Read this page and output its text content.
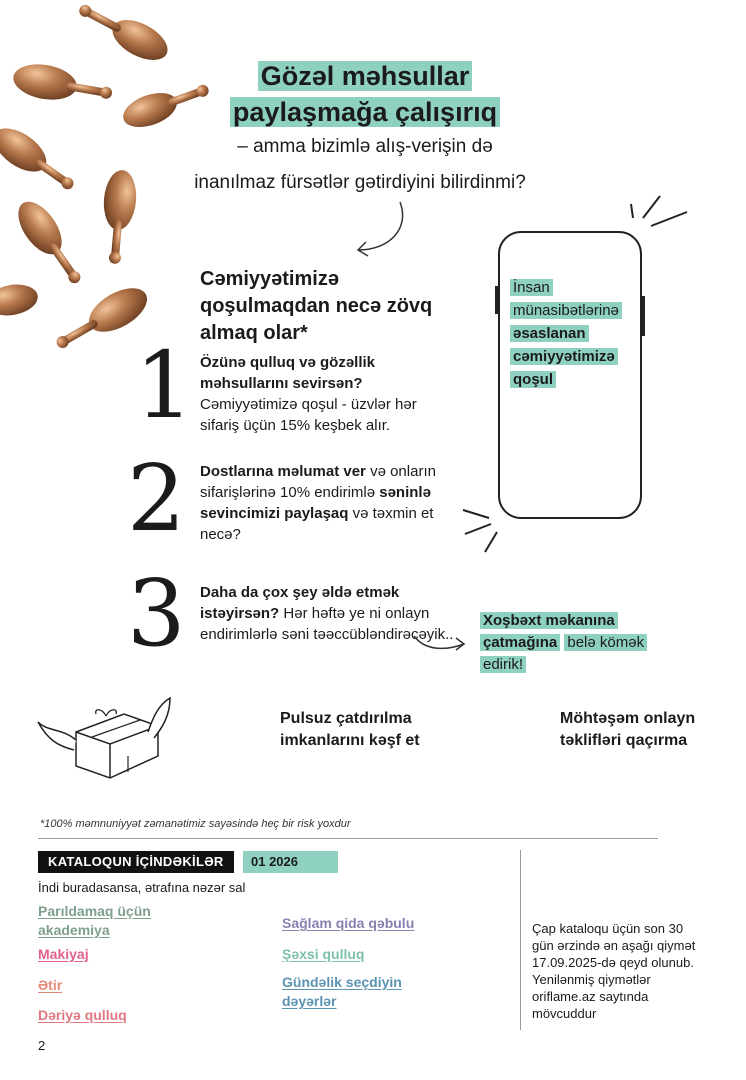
Gözəl məhsullar
paylaşmağa çalışırıq
– amma bizimlə alış-verişin də
inanılmaz fürsətlər gətirdiyini bilirdinmi?
Cəmiyyətimizə qoşulmaqdan necə zövq almaq olar*
1 Özünə qulluq və gözəllik məhsullarını sevirsən? Cəmiyyətimizə qoşul - üzvlər hər sifariş üçün 15% keşbek alır.
2 Dostlarına məlumat ver və onların sifarişlərinə 10% endirimlə səninlə sevincimizi paylaşaq və təxmin et necə?
3 Daha da çox şey əldə etmək istəyirsən? Hər həftə ye ni onlayn endirimlərlə səni təəccübləndirəcəyik..
İnsan münasibətlərinə əsaslanan cəmiyyətimizə qoşul
Xoşbəxt məkanına çatmağına belə kömək edirik!
Pulsuz çatdırılma imkanlarını kəşf et
Möhtəşəm onlayn təklifləri qaçırma
*100% məmnuniyyət zəmanətimiz sayəsində heç bir risk yoxdur
KATALOQUN İÇİNDƏKİLƏR	01 2026
İndi buradasansa, ətrafına nəzər sal
Parıldamaq üçün akademiya
Makiyaj
Ətir
Dəriyə qulluq
Sağlam qida qəbulu
Şəxsi qulluq
Gündəlik seçdiyin dəyərlər
Çap kataloqu üçün son 30 gün ərzində ən aşağı qiymət 17.09.2025-də qeyd olunub. Yenilənmiş qiymətlər oriflame.az saytında mövcuddur
2
